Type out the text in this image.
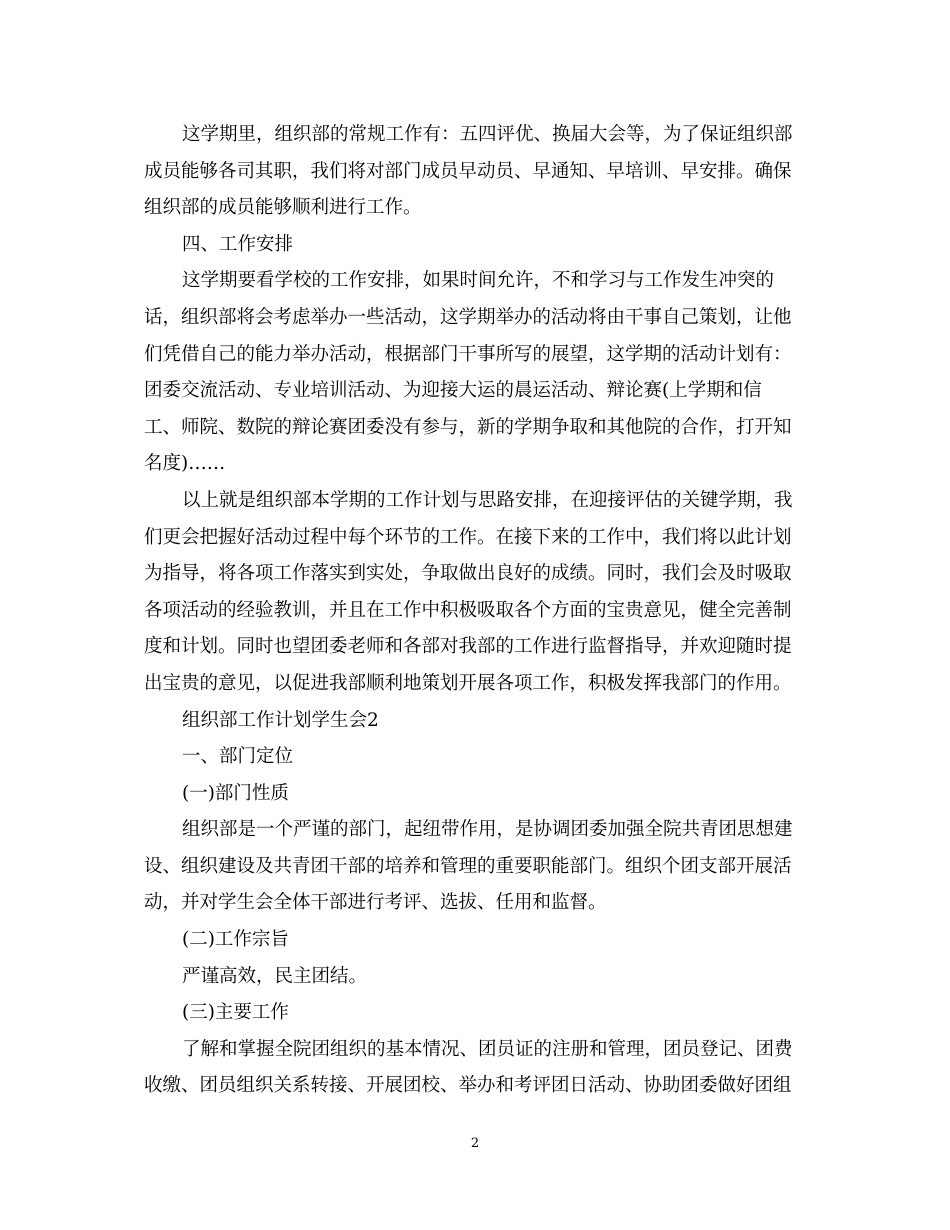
这学期里，组织部的常规工作有：五四评优、换届大会等，为了保证组织部
成员能够各司其职，我们将对部门成员早动员、早通知、早培训、早安排。确保
组织部的成员能够顺利进行工作。

四、工作安排

这学期要看学校的工作安排，如果时间允许，不和学习与工作发生冲突的
话，组织部将会考虑举办一些活动，这学期举办的活动将由干事自己策划，让他
们凭借自己的能力举办活动，根据部门干事所写的展望，这学期的活动计划有：
团委交流活动、专业培训活动、为迎接大运的晨运活动、辩论赛(上学期和信
工、师院、数院的辩论赛团委没有参与，新的学期争取和其他院的合作，打开知
名度)……

以上就是组织部本学期的工作计划与思路安排，在迎接评估的关键学期，我
们更会把握好活动过程中每个环节的工作。在接下来的工作中，我们将以此计划
为指导，将各项工作落实到实处，争取做出良好的成绩。同时，我们会及时吸取
各项活动的经验教训，并且在工作中积极吸取各个方面的宝贵意见，健全完善制
度和计划。同时也望团委老师和各部对我部的工作进行监督指导，并欢迎随时提
出宝贵的意见，以促进我部顺利地策划开展各项工作，积极发挥我部门的作用。

组织部工作计划学生会2

一、部门定位

(一)部门性质

组织部是一个严谨的部门，起纽带作用，是协调团委加强全院共青团思想建
设、组织建设及共青团干部的培养和管理的重要职能部门。组织个团支部开展活
动，并对学生会全体干部进行考评、选拔、任用和监督。

(二)工作宗旨

严谨高效，民主团结。

(三)主要工作

了解和掌握全院团组织的基本情况、团员证的注册和管理，团员登记、团费
收缴、团员组织关系转接、开展团校、举办和考评团日活动、协助团委做好团组

2
